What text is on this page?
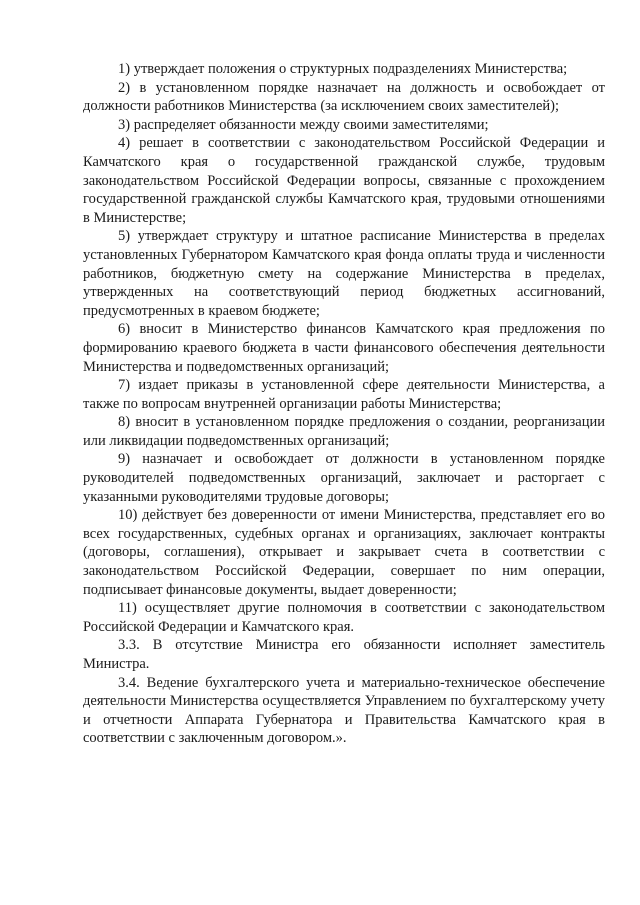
1) утверждает положения о структурных подразделениях Министерства;

2) в установленном порядке назначает на должность и освобождает от должности работников Министерства (за исключением своих заместителей);

3) распределяет обязанности между своими заместителями;

4) решает в соответствии с законодательством Российской Федерации и Камчатского края о государственной гражданской службе, трудовым законодательством Российской Федерации вопросы, связанные с прохождением государственной гражданской службы Камчатского края, трудовыми отношениями в Министерстве;

5) утверждает структуру и штатное расписание Министерства в пределах установленных Губернатором Камчатского края фонда оплаты труда и численности работников, бюджетную смету на содержание Министерства в пределах, утвержденных на соответствующий период бюджетных ассигнований, предусмотренных в краевом бюджете;

6) вносит в Министерство финансов Камчатского края предложения по формированию краевого бюджета в части финансового обеспечения деятельности Министерства и подведомственных организаций;

7) издает приказы в установленной сфере деятельности Министерства, а также по вопросам внутренней организации работы Министерства;

8) вносит в установленном порядке предложения о создании, реорганизации или ликвидации подведомственных организаций;

9) назначает и освобождает от должности в установленном порядке руководителей подведомственных организаций, заключает и расторгает с указанными руководителями трудовые договоры;

10) действует без доверенности от имени Министерства, представляет его во всех государственных, судебных органах и организациях, заключает контракты (договоры, соглашения), открывает и закрывает счета в соответствии с законодательством Российской Федерации, совершает по ним операции, подписывает финансовые документы, выдает доверенности;

11) осуществляет другие полномочия в соответствии с законодательством Российской Федерации и Камчатского края.

3.3. В отсутствие Министра его обязанности исполняет заместитель Министра.

3.4. Ведение бухгалтерского учета и материально-техническое обеспечение деятельности Министерства осуществляется Управлением по бухгалтерскому учету и отчетности Аппарата Губернатора и Правительства Камчатского края в соответствии с заключенным договором.».
